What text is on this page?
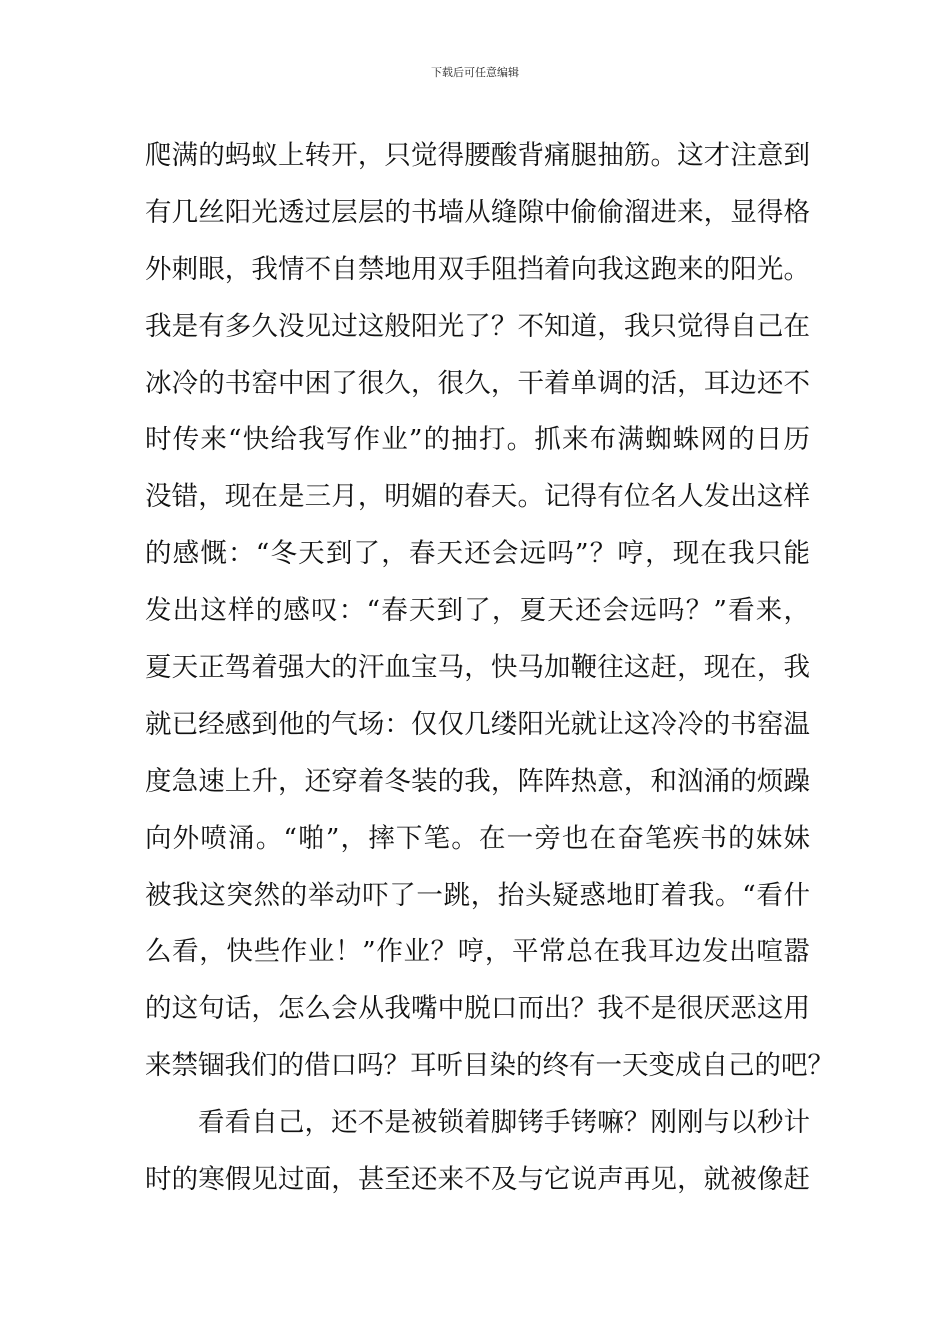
下载后可任意编辑
爬满的蚂蚁上转开，只觉得腰酸背痛腿抽筋。这才注意到
有几丝阳光透过层层的书墙从缝隙中偷偷溜进来，显得格
外刺眼，我情不自禁地用双手阻挡着向我这跑来的阳光。
我是有多久没见过这般阳光了？不知道，我只觉得自己在
冰冷的书窑中困了很久，很久，干着单调的活，耳边还不
时传来“快给我写作业”的抽打。抓来布满蜘蛛网的日历
没错，现在是三月，明媚的春天。记得有位名人发出这样
的感慨：“冬天到了，春天还会远吗”？哼，现在我只能
发出这样的感叹：“春天到了，夏天还会远吗？”看来，
夏天正驾着强大的汗血宝马，快马加鞭往这赶，现在，我
就已经感到他的气场：仅仅几缕阳光就让这冷冷的书窑温
度急速上升，还穿着冬装的我，阵阵热意，和汹涌的烦躁
向外喷涌。“啪”，摔下笔。在一旁也在奋笔疾书的妹妹
被我这突然的举动吓了一跳，抬头疑惑地盯着我。“看什
么看，快些作业！”作业？哼，平常总在我耳边发出喧嚣
的这句话，怎么会从我嘴中脱口而出？我不是很厌恶这用
来禁锢我们的借口吗？耳听目染的终有一天变成自己的吧？
看看自己，还不是被锁着脚铐手铐嘛？刚刚与以秒计
时的寒假见过面，甚至还来不及与它说声再见，就被像赶
